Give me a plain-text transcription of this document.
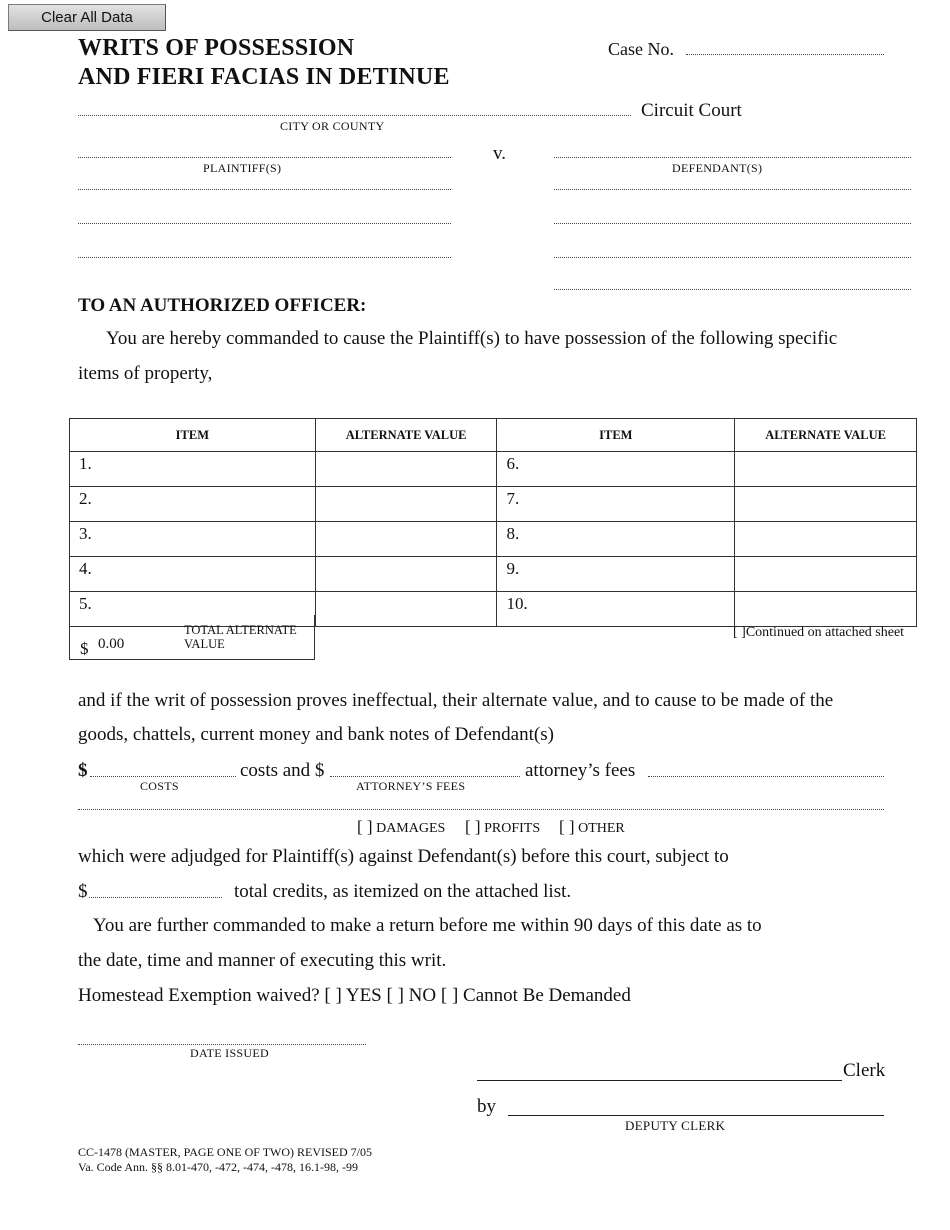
Clear All Data
WRITS OF POSSESSION
AND FIERI FACIAS IN DETINUE
Case No.
Circuit Court
CITY OR COUNTY
v.
PLAINTIFF(S)	DEFENDANT(S)
TO AN AUTHORIZED OFFICER:
You are hereby commanded to cause the Plaintiff(s) to have possession of the following specific
items of property,
ITEM	ALTERNATE VALUE	ITEM	ALTERNATE VALUE
1.		6.	
2.		7.	
3.		8.	
4.		9.	
5.		10.	
$ 0.00
TOTAL ALTERNATE
VALUE
[ ]Continued on attached sheet
and if the writ of possession proves ineffectual, their alternate value, and to cause to be made of the
goods, chattels, current money and bank notes of Defendant(s)
$	costs and $	attorney’s fees
COSTS	ATTORNEY’S FEES
[ ] DAMAGES [ ] PROFITS [ ] OTHER
which were adjudged for Plaintiff(s) against Defendant(s) before this court, subject to
$	total credits, as itemized on the attached list.
You are further commanded to make a return before me within 90 days of this date as to
the date, time and manner of executing this writ.
Homestead Exemption waived? [ ] YES [ ] NO [ ] Cannot Be Demanded
DATE ISSUED
Clerk
by
DEPUTY CLERK
CC-1478 (MASTER, PAGE ONE OF TWO) REVISED 7/05
Va. Code Ann. §§ 8.01-470, -472, -474, -478, 16.1-98, -99
